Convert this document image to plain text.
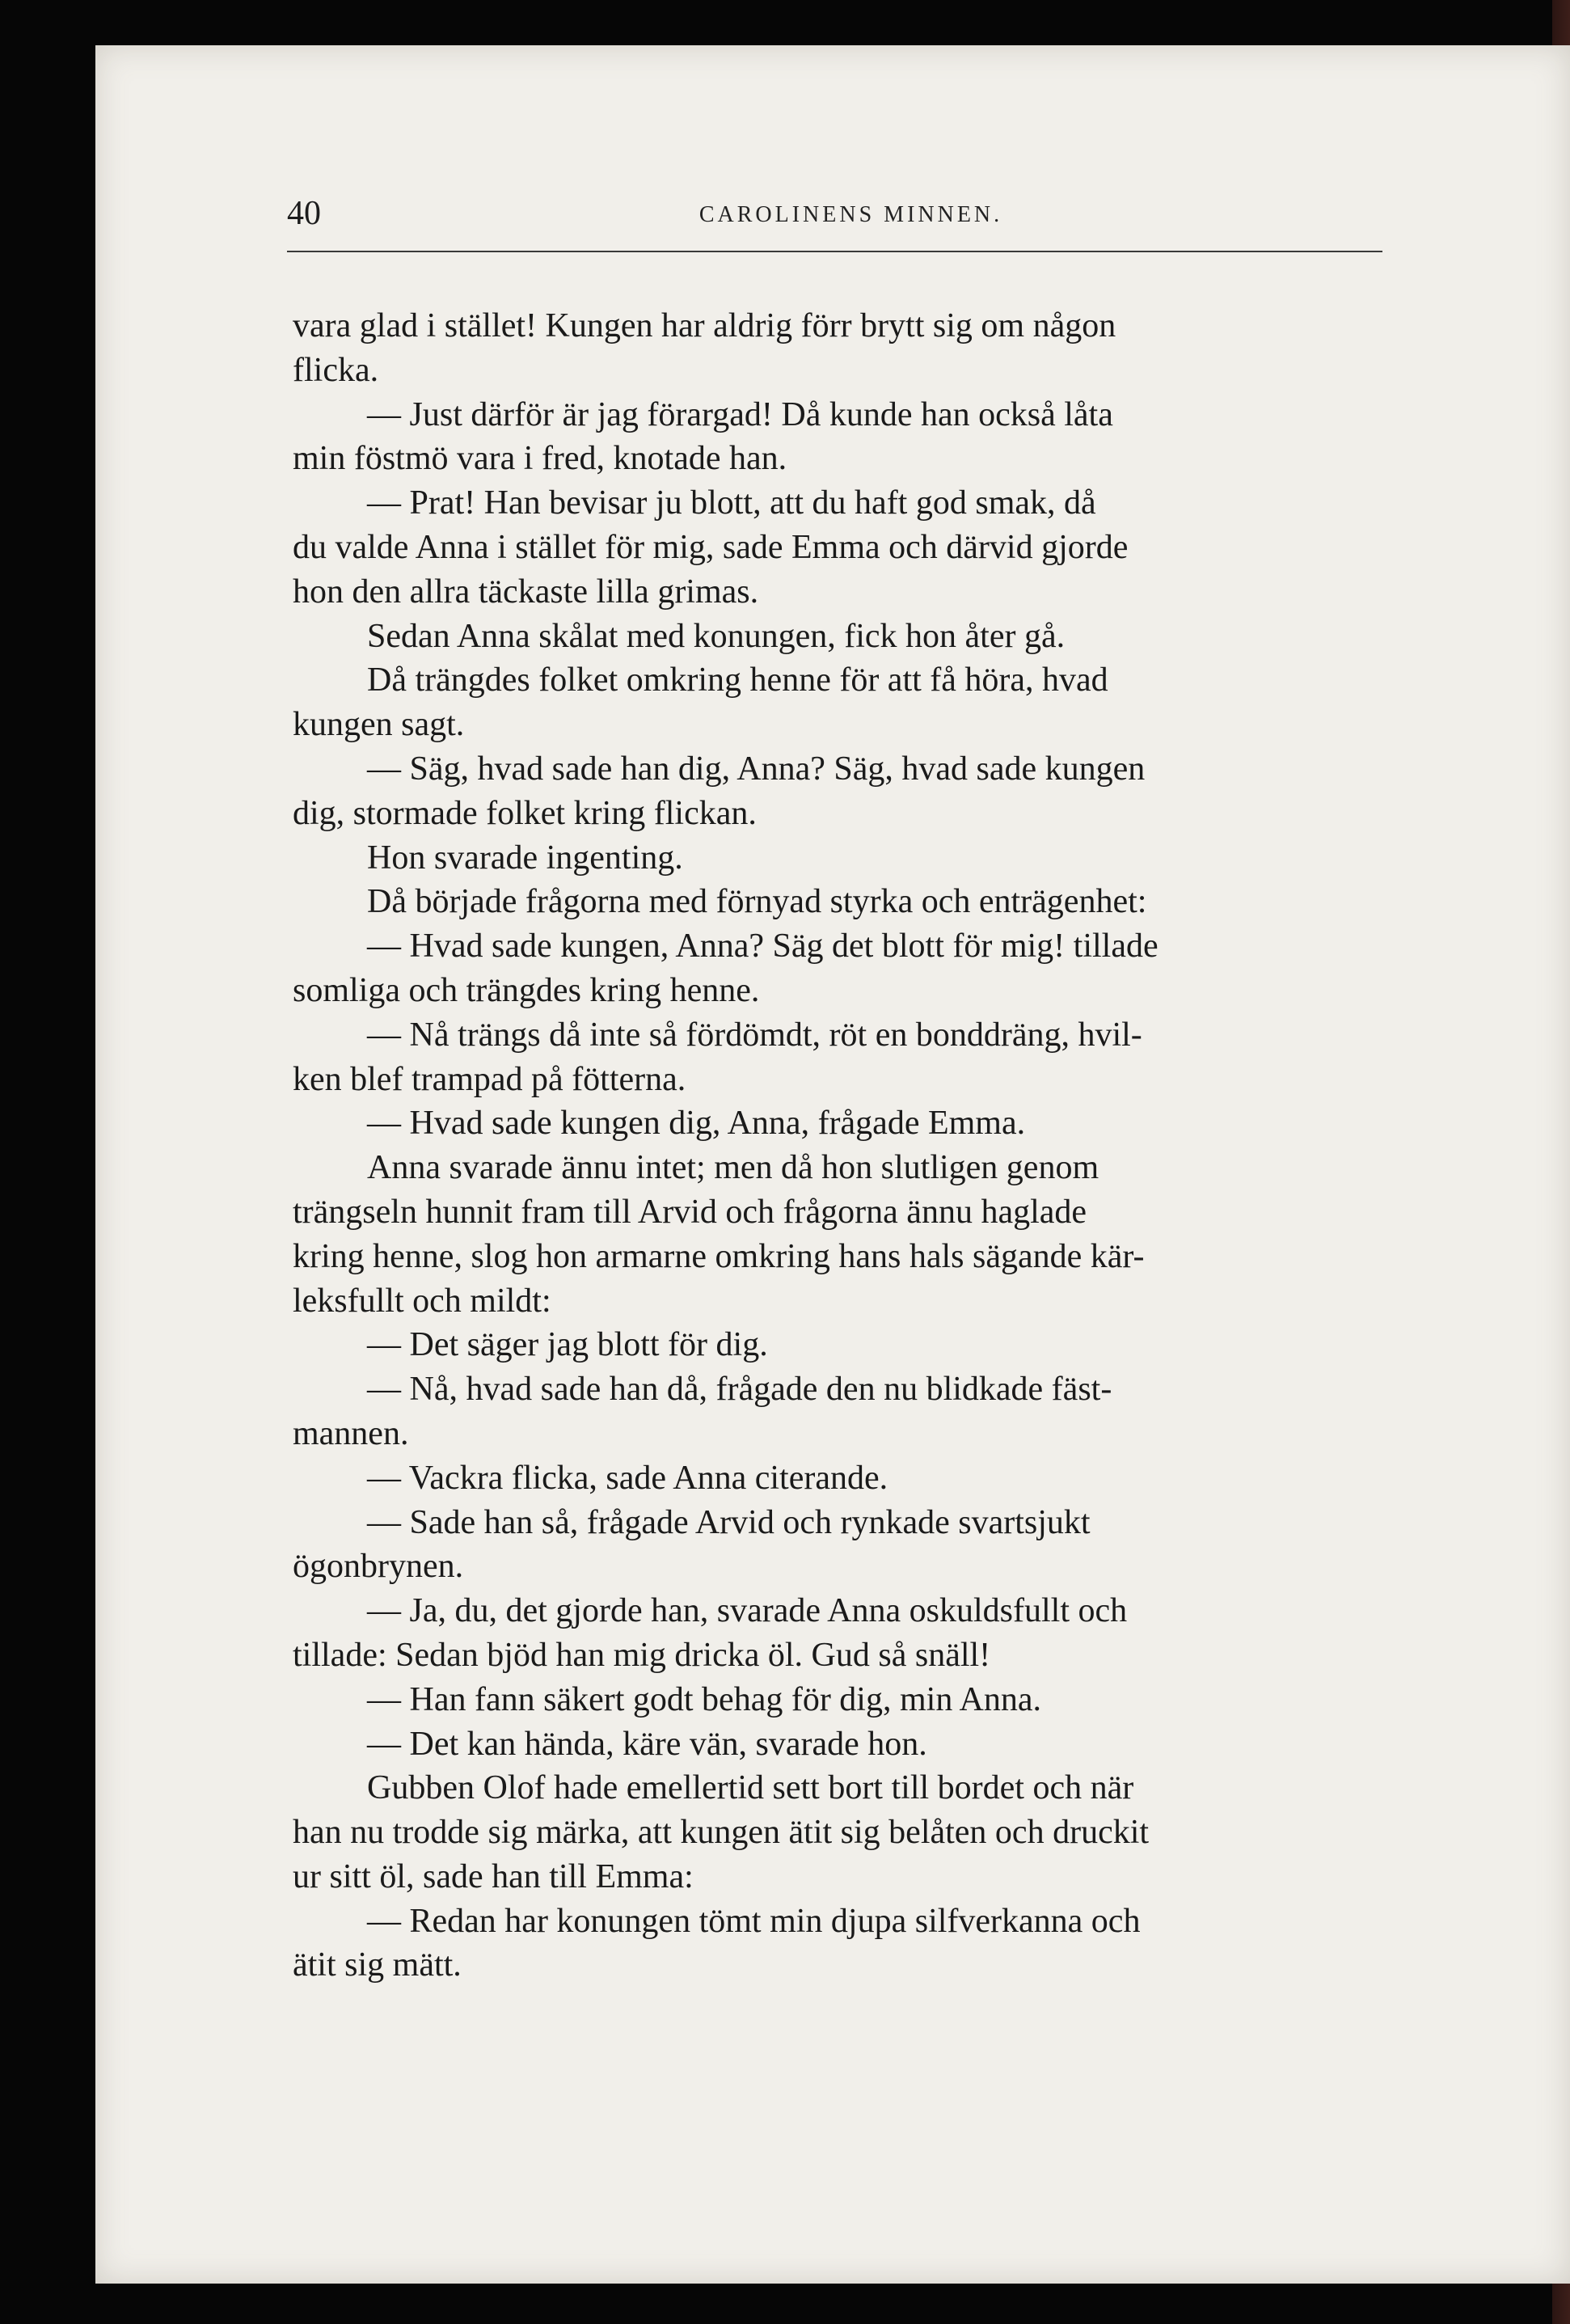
40	CAROLINENS MINNEN.
vara glad i stället! Kungen har aldrig förr brytt sig om någon
flicka.
— Just därför är jag förargad! Då kunde han också låta
min föstmö vara i fred, knotade han.
— Prat! Han bevisar ju blott, att du haft god smak, då
du valde Anna i stället för mig, sade Emma och därvid gjorde
hon den allra täckaste lilla grimas.
Sedan Anna skålat med konungen, fick hon åter gå.
Då trängdes folket omkring henne för att få höra, hvad
kungen sagt.
— Säg, hvad sade han dig, Anna? Säg, hvad sade kungen
dig, stormade folket kring flickan.
Hon svarade ingenting.
Då började frågorna med förnyad styrka och enträgenhet:
— Hvad sade kungen, Anna? Säg det blott för mig! tillade
somliga och trängdes kring henne.
— Nå trängs då inte så fördömdt, röt en bonddräng, hvil-
ken blef trampad på fötterna.
— Hvad sade kungen dig, Anna, frågade Emma.
Anna svarade ännu intet; men då hon slutligen genom
trängseln hunnit fram till Arvid och frågorna ännu haglade
kring henne, slog hon armarne omkring hans hals sägande kär-
leksfullt och mildt:
— Det säger jag blott för dig.
— Nå, hvad sade han då, frågade den nu blidkade fäst-
mannen.
— Vackra flicka, sade Anna citerande.
— Sade han så, frågade Arvid och rynkade svartsjukt
ögonbrynen.
— Ja, du, det gjorde han, svarade Anna oskuldsfullt och
tillade: Sedan bjöd han mig dricka öl. Gud så snäll!
— Han fann säkert godt behag för dig, min Anna.
— Det kan hända, käre vän, svarade hon.
Gubben Olof hade emellertid sett bort till bordet och när
han nu trodde sig märka, att kungen ätit sig belåten och druckit
ur sitt öl, sade han till Emma:
— Redan har konungen tömt min djupa silfverkanna och
ätit sig mätt.
